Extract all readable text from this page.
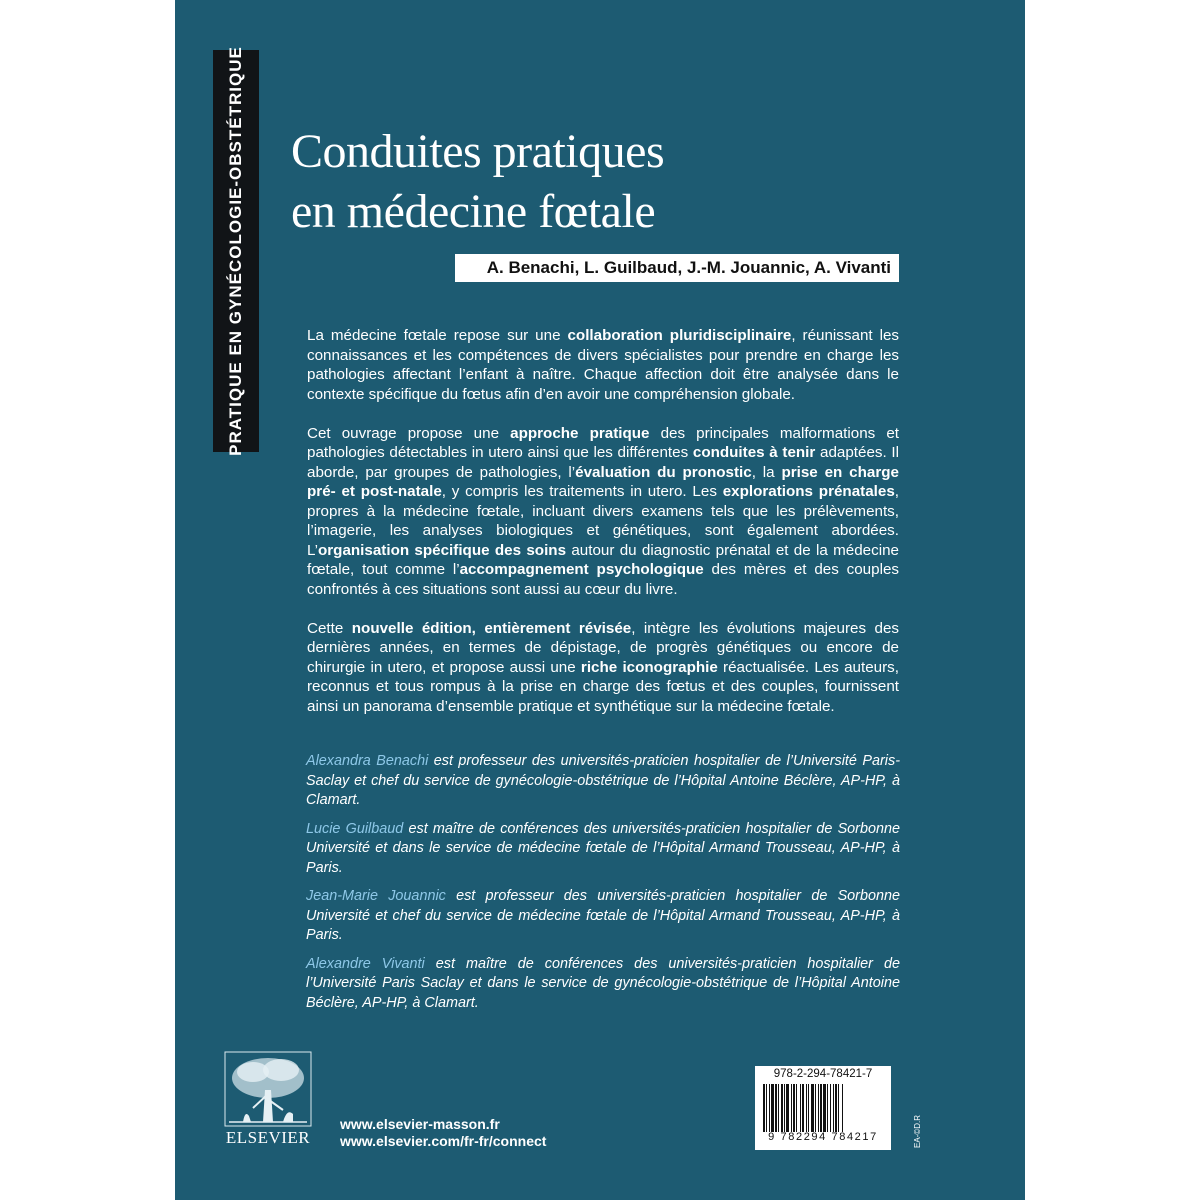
PRATIQUE EN GYNÉCOLOGIE-OBSTÉTRIQUE Conduites pratiques
en médecine fœtale
A. Benachi, L. Guilbaud, J.-M. Jouannic, A. Vivanti

La médecine fœtale repose sur une collaboration pluridisciplinaire, réunissant les connaissances et les compétences de divers spécialistes pour prendre en charge les pathologies affectant l’enfant à naître. Chaque affection doit être analysée dans le contexte spécifique du fœtus afin d’en avoir une compréhension globale.

Cet ouvrage propose une approche pratique des principales malformations et pathologies détectables in utero ainsi que les différentes conduites à tenir adaptées. Il aborde, par groupes de pathologies, l’évaluation du pronostic, la prise en charge pré- et post-natale, y compris les traitements in utero. Les explorations prénatales, propres à la médecine fœtale, incluant divers examens tels que les prélèvements, l’imagerie, les analyses biologiques et génétiques, sont également abordées. L’organisation spécifique des soins autour du diagnostic prénatal et de la médecine fœtale, tout comme l’accompagnement psychologique des mères et des couples confrontés à ces situations sont aussi au cœur du livre.

Cette nouvelle édition, entièrement révisée, intègre les évolutions majeures des dernières années, en termes de dépistage, de progrès génétiques ou encore de chirurgie in utero, et propose aussi une riche iconographie réactualisée. Les auteurs, reconnus et tous rompus à la prise en charge des fœtus et des couples, fournissent ainsi un panorama d’ensemble pratique et synthétique sur la médecine fœtale.

Alexandra Benachi est professeur des universités-praticien hospitalier de l’Université Paris-Saclay et chef du service de gynécologie-obstétrique de l’Hôpital Antoine Béclère, AP-HP, à Clamart.

Lucie Guilbaud est maître de conférences des universités-praticien hospitalier de Sorbonne Université et dans le service de médecine fœtale de l’Hôpital Armand Trousseau, AP-HP, à Paris.

Jean-Marie Jouannic est professeur des universités-praticien hospitalier de Sorbonne Université et chef du service de médecine fœtale de l’Hôpital Armand Trousseau, AP-HP, à Paris.

Alexandre Vivanti est maître de conférences des universités-praticien hospitalier de l’Université Paris Saclay et dans le service de gynécologie-obstétrique de l’Hôpital Antoine Béclère, AP-HP, à Clamart.

ELSEVIER
www.elsevier-masson.fr
www.elsevier.com/fr-fr/connect
978-2-294-78421-7
9 782294 784217	EA-©D.R
